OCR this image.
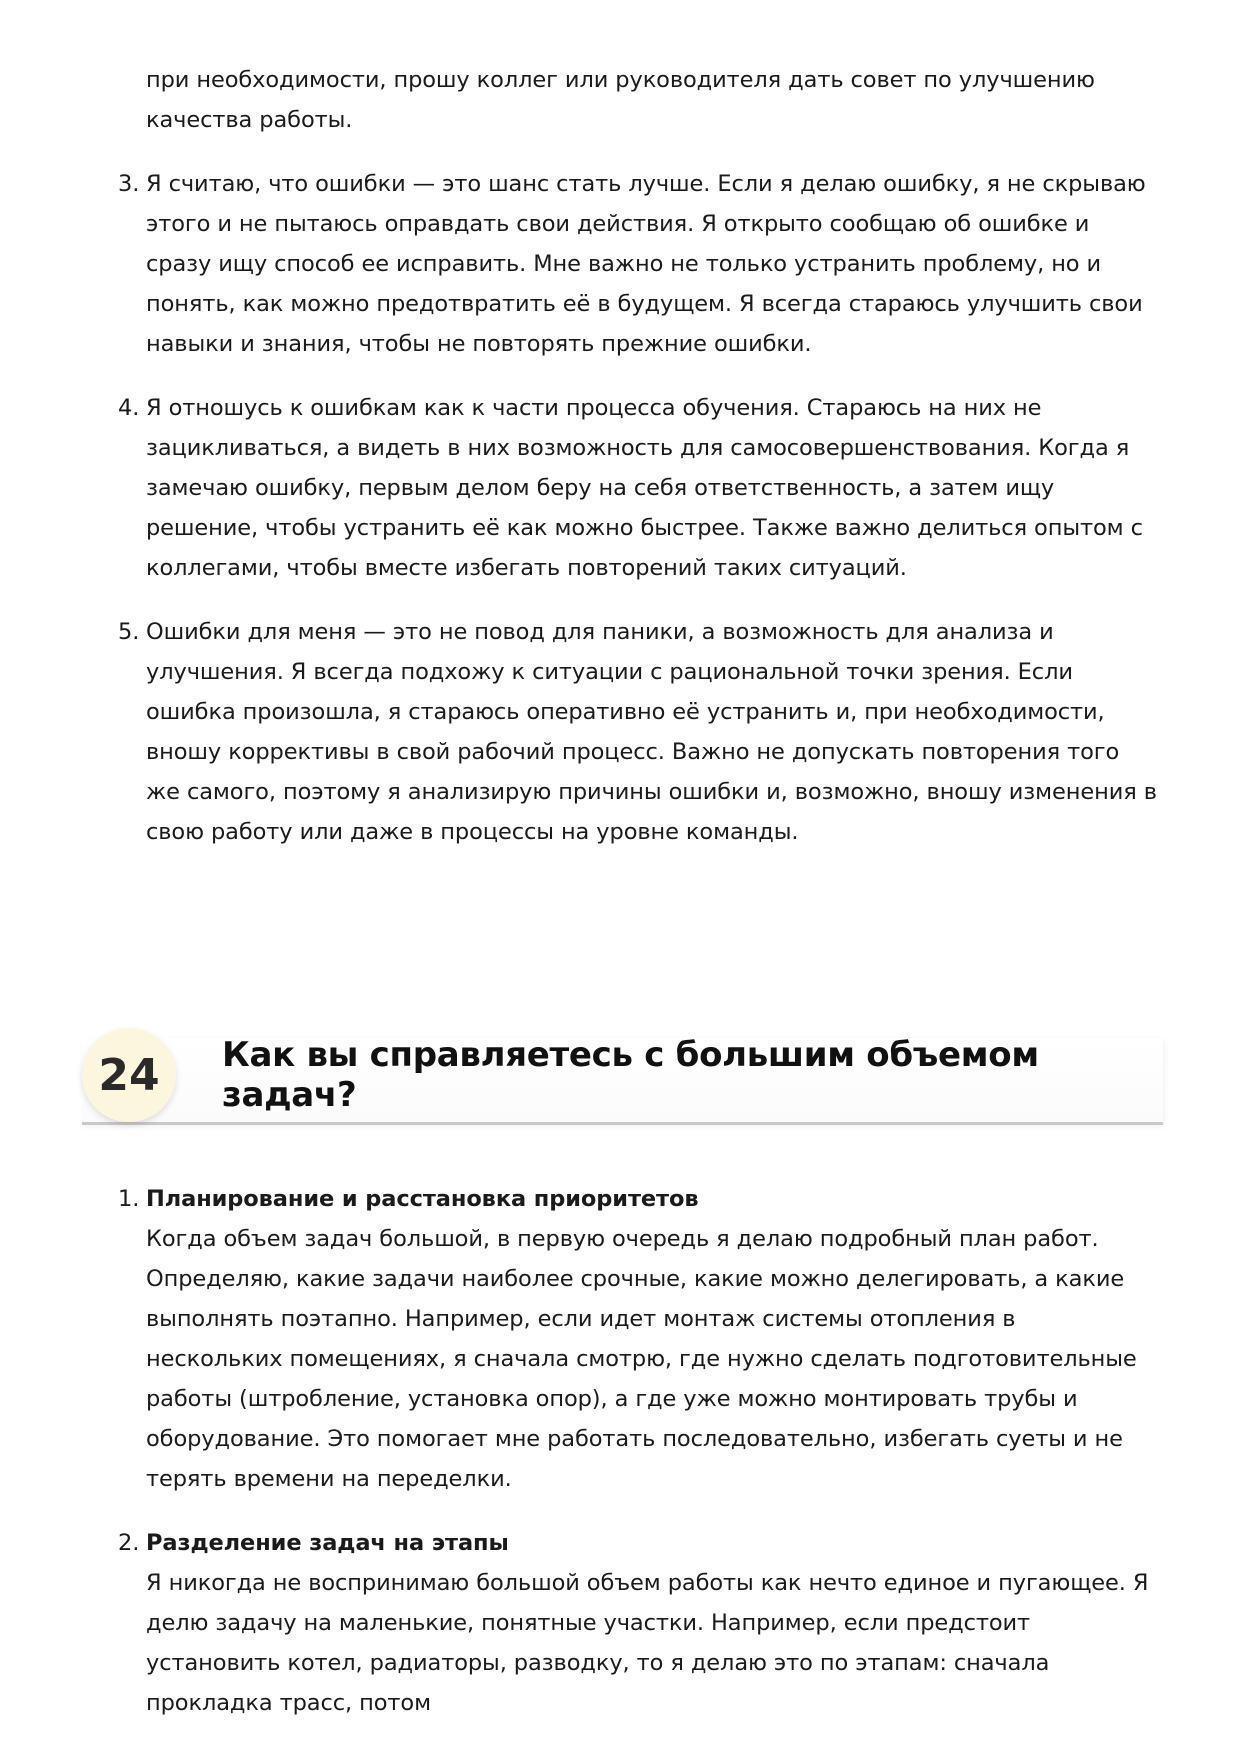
при необходимости, прошу коллег или руководителя дать совет по улучшению качества работы.

3. Я считаю, что ошибки — это шанс стать лучше. Если я делаю ошибку, я не скрываю этого и не пытаюсь оправдать свои действия. Я открыто сообщаю об ошибке и сразу ищу способ ее исправить. Мне важно не только устранить проблему, но и понять, как можно предотвратить её в будущем. Я всегда стараюсь улучшить свои навыки и знания, чтобы не повторять прежние ошибки.

4. Я отношусь к ошибкам как к части процесса обучения. Стараюсь на них не зацикливаться, а видеть в них возможность для самосовершенствования. Когда я замечаю ошибку, первым делом беру на себя ответственность, а затем ищу решение, чтобы устранить её как можно быстрее. Также важно делиться опытом с коллегами, чтобы вместе избегать повторений таких ситуаций.

5. Ошибки для меня — это не повод для паники, а возможность для анализа и улучшения. Я всегда подхожу к ситуации с рациональной точки зрения. Если ошибка произошла, я стараюсь оперативно её устранить и, при необходимости, вношу коррективы в свой рабочий процесс. Важно не допускать повторения того же самого, поэтому я анализирую причины ошибки и, возможно, вношу изменения в свою работу или даже в процессы на уровне команды.

24	Как вы справляетесь с большим объемом задач?
1. Планирование и расстановка приоритетов

Когда объем задач большой, в первую очередь я делаю подробный план работ. Определяю, какие задачи наиболее срочные, какие можно делегировать, а какие выполнять поэтапно. Например, если идет монтаж системы отопления в нескольких помещениях, я сначала смотрю, где нужно сделать подготовительные работы (штробление, установка опор), а где уже можно монтировать трубы и оборудование. Это помогает мне работать последовательно, избегать суеты и не терять времени на переделки.

2. Разделение задач на этапы

Я никогда не воспринимаю большой объем работы как нечто единое и пугающее. Я делю задачу на маленькие, понятные участки. Например, если предстоит установить котел, радиаторы, разводку, то я делаю это по этапам: сначала прокладка трасс, потом
